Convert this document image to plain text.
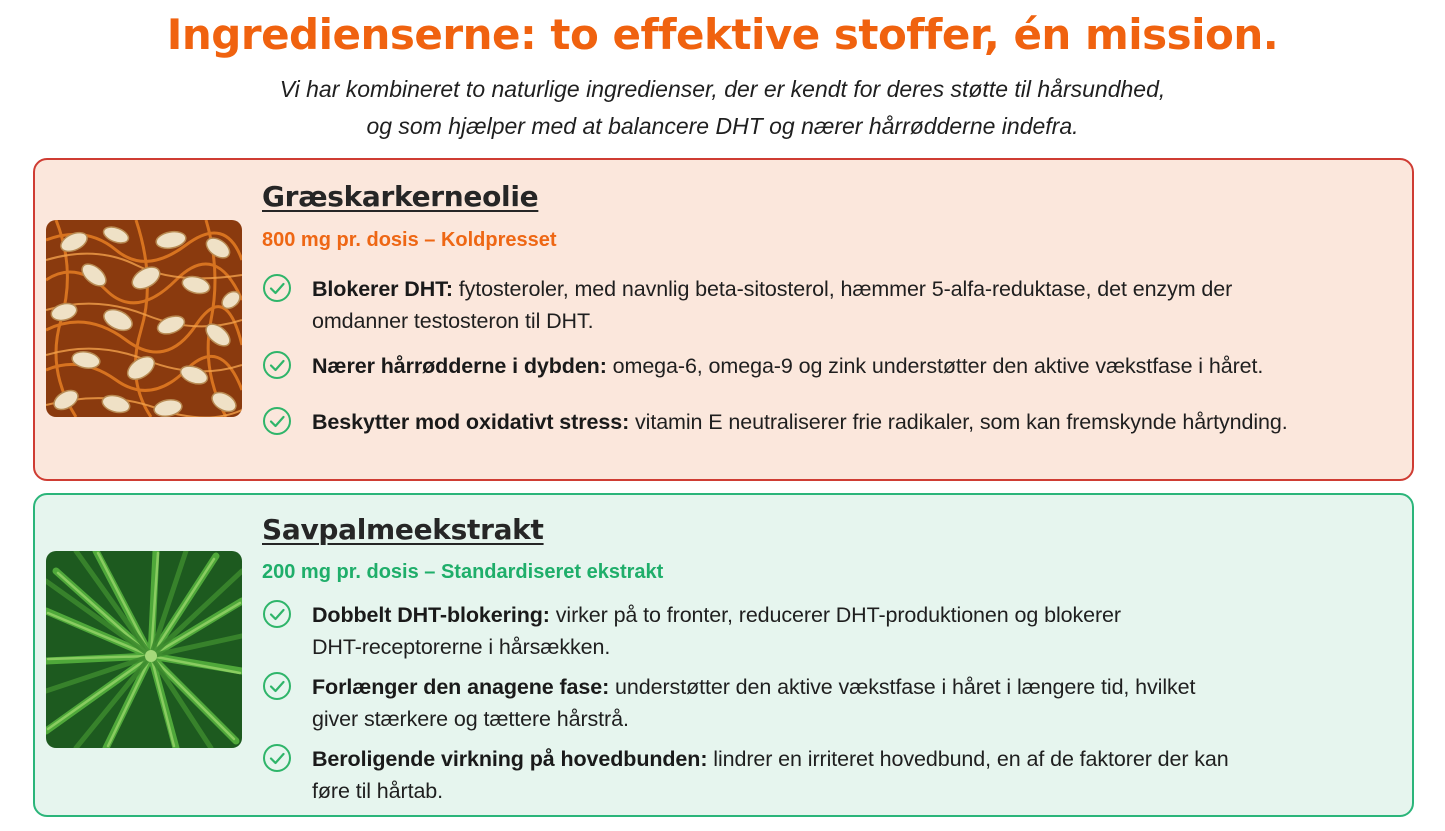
Ingredienserne: to effektive stoffer, én mission.

Vi har kombineret to naturlige ingredienser, der er kendt for deres støtte til hårsundhed,

og som hjælper med at balancere DHT og nærer hårrødderne indefra.

Græskarkerneolie
800 mg pr. dosis – Koldpresset
Blokerer DHT: fytosteroler, med navnlig beta-sitosterol, hæmmer 5-alfa-reduktase, det enzym der
omdanner testosteron til DHT.
Nærer hårrødderne i dybden: omega-6, omega-9 og zink understøtter den aktive vækstfase i håret.
Beskytter mod oxidativt stress: vitamin E neutraliserer frie radikaler, som kan fremskynde hårtynding.
Savpalmeekstrakt
200 mg pr. dosis – Standardiseret ekstrakt
Dobbelt DHT-blokering: virker på to fronter, reducerer DHT-produktionen og blokerer
DHT-receptorerne i hårsækken.
Forlænger den anagene fase: understøtter den aktive vækstfase i håret i længere tid, hvilket
giver stærkere og tættere hårstrå.
Beroligende virkning på hovedbunden: lindrer en irriteret hovedbund, en af de faktorer der kan
føre til hårtab.
